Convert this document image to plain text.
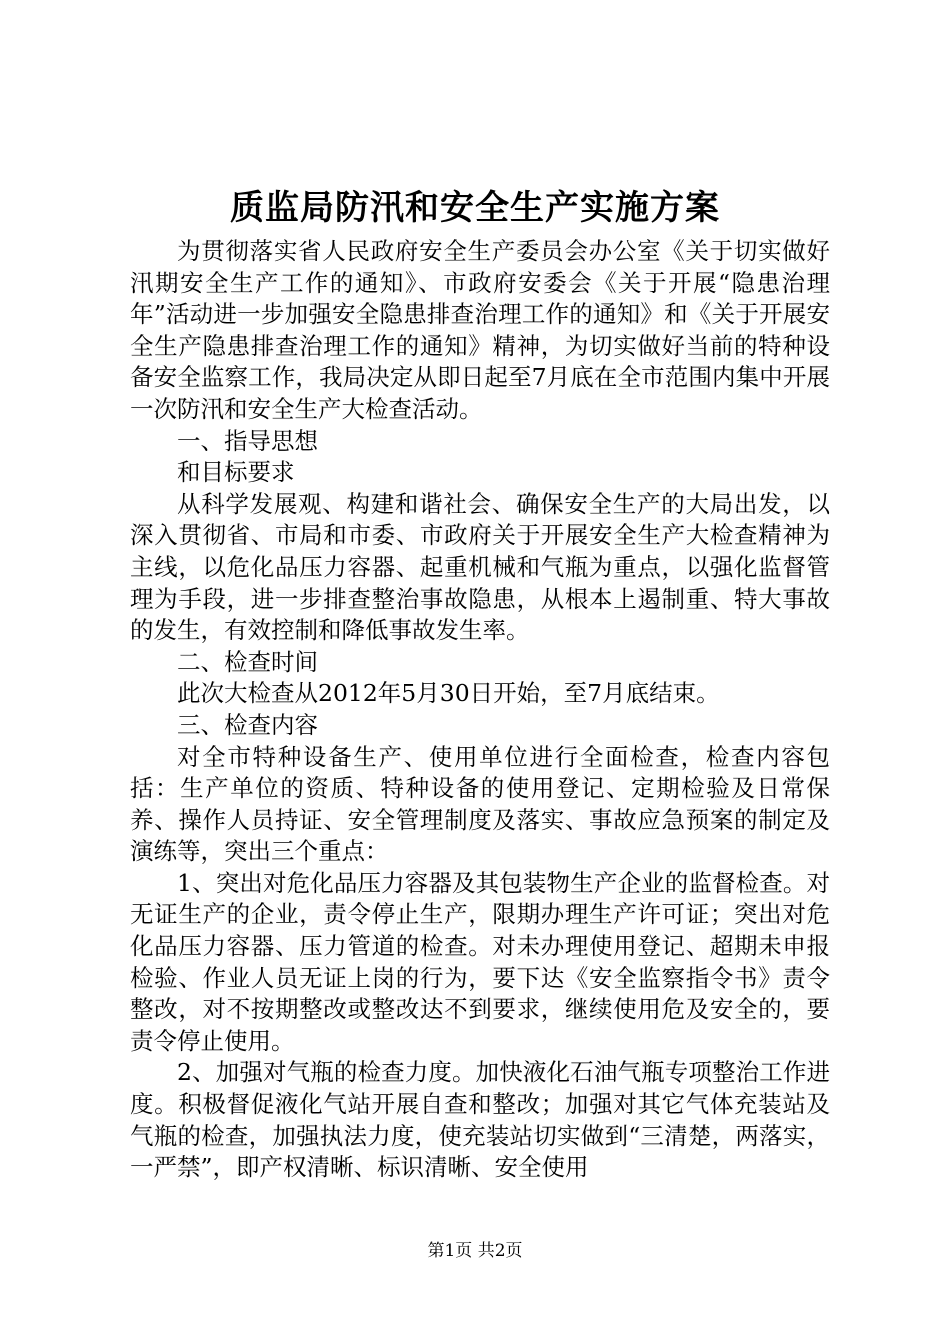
质监局防汛和安全生产实施方案

为贯彻落实省人民政府安全生产委员会办公室《关于切实做好汛期安全生产工作的通知》、市政府安委会《关于开展“隐患治理年”活动进一步加强安全隐患排查治理工作的通知》和《关于开展安全生产隐患排查治理工作的通知》精神，为切实做好当前的特种设备安全监察工作，我局决定从即日起至7月底在全市范围内集中开展一次防汛和安全生产大检查活动。

一、指导思想

和目标要求

从科学发展观、构建和谐社会、确保安全生产的大局出发，以深入贯彻省、市局和市委、市政府关于开展安全生产大检查精神为主线，以危化品压力容器、起重机械和气瓶为重点，以强化监督管理为手段，进一步排查整治事故隐患，从根本上遏制重、特大事故的发生，有效控制和降低事故发生率。

二、检查时间

此次大检查从2012年5月30日开始，至7月底结束。

三、检查内容

对全市特种设备生产、使用单位进行全面检查，检查内容包括：生产单位的资质、特种设备的使用登记、定期检验及日常保养、操作人员持证、安全管理制度及落实、事故应急预案的制定及演练等，突出三个重点：

1、突出对危化品压力容器及其包装物生产企业的监督检查。对无证生产的企业，责令停止生产，限期办理生产许可证；突出对危化品压力容器、压力管道的检查。对未办理使用登记、超期未申报检验、作业人员无证上岗的行为，要下达《安全监察指令书》责令整改，对不按期整改或整改达不到要求，继续使用危及安全的，要责令停止使用。

2、加强对气瓶的检查力度。加快液化石油气瓶专项整治工作进度。积极督促液化气站开展自查和整改；加强对其它气体充装站及气瓶的检查，加强执法力度，使充装站切实做到“三清楚，两落实，一严禁”，即产权清晰、标识清晰、安全使用

第1页 共2页
